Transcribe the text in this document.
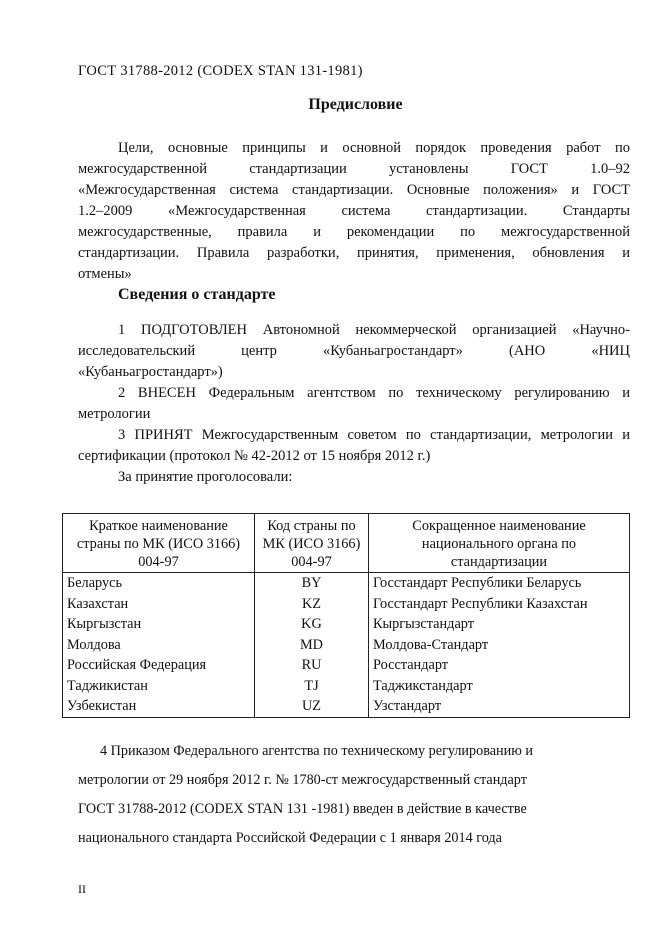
ГОСТ 31788-2012 (CODEX STAN 131-1981)
Предисловие
Цели, основные принципы и основной порядок проведения работ по
межгосударственной стандартизации установлены ГОСТ 1.0–92
«Межгосударственная система стандартизации. Основные положения» и ГОСТ
1.2–2009 «Межгосударственная система стандартизации. Стандарты
межгосударственные, правила и рекомендации по межгосударственной
стандартизации. Правила разработки, принятия, применения, обновления и
отмены»
Сведения о стандарте
1 ПОДГОТОВЛЕН Автономной некоммерческой организацией «Научно-
исследовательский центр «Кубаньагростандарт» (АНО «НИЦ
«Кубаньагростандарт»)
2 ВНЕСЕН Федеральным агентством по техническому регулированию и
метрологии
3 ПРИНЯТ Межгосударственным советом по стандартизации, метрологии и
сертификации (протокол № 42-2012 от 15 ноября 2012 г.)
За принятие проголосовали:
Краткое наименование страны по МК (ИСО 3166) 004-97	Код страны по МК (ИСО 3166) 004-97	Сокращенное наименование национального органа по стандартизации
Беларусь	BY	Госстандарт Республики Беларусь
Казахстан	KZ	Госстандарт Республики Казахстан
Кыргызстан	KG	Кыргызстандарт
Молдова	MD	Молдова-Стандарт
Российская Федерация	RU	Росстандарт
Таджикистан	TJ	Таджикстандарт
Узбекистан	UZ	Узстандарт
4 Приказом Федерального агентства по техническому регулированию и
метрологии от 29 ноября 2012 г. № 1780-ст межгосударственный стандарт
ГОСТ 31788-2012 (CODEX STAN 131 -1981) введен в действие в качестве
национального стандарта Российской Федерации с 1 января 2014 года
II
